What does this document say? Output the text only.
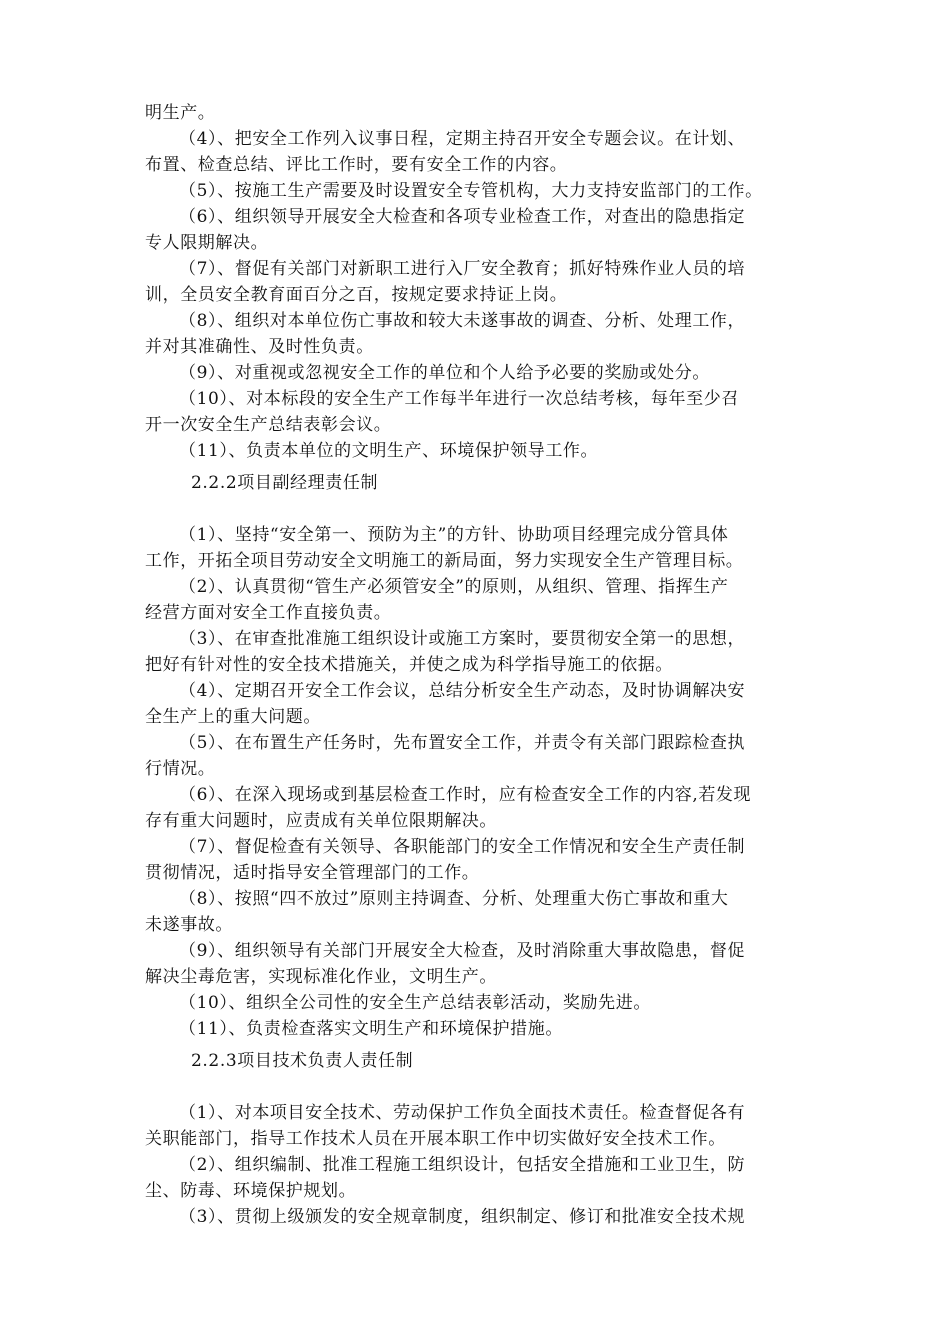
明生产。
（4）、把安全工作列入议事日程，定期主持召开安全专题会议。在计划、
布置、检查总结、评比工作时，要有安全工作的内容。
（5）、按施工生产需要及时设置安全专管机构，大力支持安监部门的工作。
（6）、组织领导开展安全大检查和各项专业检查工作，对查出的隐患指定
专人限期解决。
（7）、督促有关部门对新职工进行入厂安全教育；抓好特殊作业人员的培
训，全员安全教育面百分之百，按规定要求持证上岗。
（8）、组织对本单位伤亡事故和较大未遂事故的调查、分析、处理工作，
并对其准确性、及时性负责。
（9）、对重视或忽视安全工作的单位和个人给予必要的奖励或处分。
（10）、对本标段的安全生产工作每半年进行一次总结考核，每年至少召
开一次安全生产总结表彰会议。
（11）、负责本单位的文明生产、环境保护领导工作。
2.2.2项目副经理责任制
（1）、坚持“安全第一、预防为主”的方针、协助项目经理完成分管具体
工作，开拓全项目劳动安全文明施工的新局面，努力实现安全生产管理目标。
（2）、认真贯彻“管生产必须管安全”的原则，从组织、管理、指挥生产
经营方面对安全工作直接负责。
（3）、在审查批准施工组织设计或施工方案时，要贯彻安全第一的思想，
把好有针对性的安全技术措施关，并使之成为科学指导施工的依据。
（4）、定期召开安全工作会议，总结分析安全生产动态，及时协调解决安
全生产上的重大问题。
（5）、在布置生产任务时，先布置安全工作，并责令有关部门跟踪检查执
行情况。
（6）、在深入现场或到基层检查工作时，应有检查安全工作的内容,若发现
存有重大问题时，应责成有关单位限期解决。
（7）、督促检查有关领导、各职能部门的安全工作情况和安全生产责任制
贯彻情况，适时指导安全管理部门的工作。
（8）、按照“四不放过”原则主持调查、分析、处理重大伤亡事故和重大
未遂事故。
（9）、组织领导有关部门开展安全大检查，及时消除重大事故隐患，督促
解决尘毒危害，实现标准化作业，文明生产。
（10）、组织全公司性的安全生产总结表彰活动，奖励先进。
（11）、负责检查落实文明生产和环境保护措施。
2.2.3项目技术负责人责任制
（1）、对本项目安全技术、劳动保护工作负全面技术责任。检查督促各有
关职能部门，指导工作技术人员在开展本职工作中切实做好安全技术工作。
（2）、组织编制、批准工程施工组织设计，包括安全措施和工业卫生，防
尘、防毒、环境保护规划。
（3）、贯彻上级颁发的安全规章制度，组织制定、修订和批准安全技术规
